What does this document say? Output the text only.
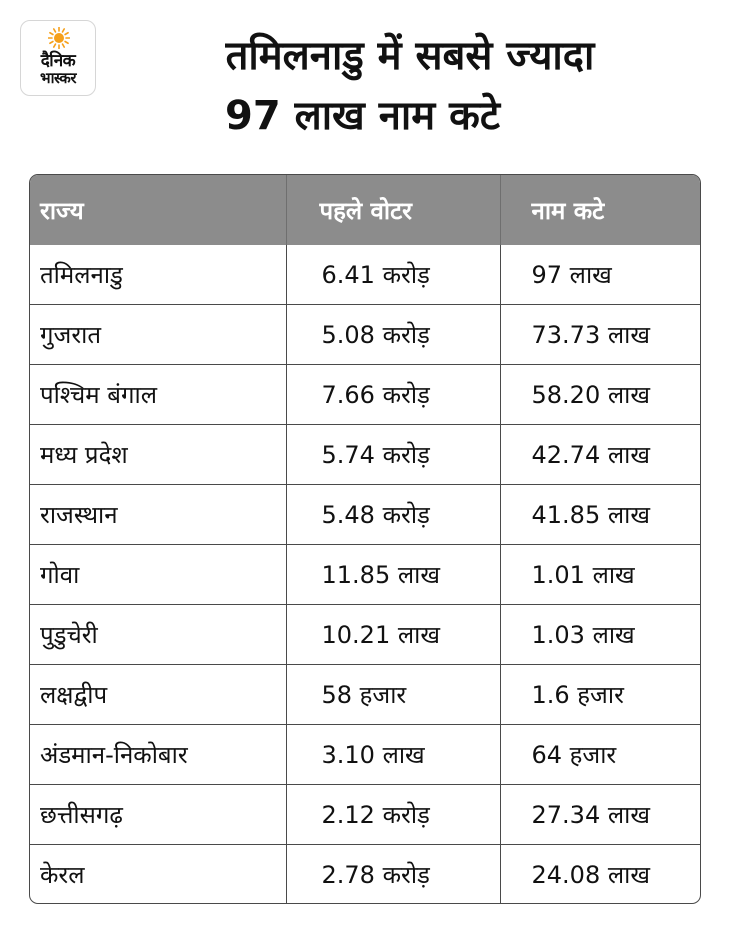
दैनिक
भास्कर	तमिलनाडु में सबसे ज्यादा
97 लाख नाम कटे
राज्य	पहले वोटर	नाम कटे
तमिलनाडु	6.41 करोड़	97 लाख
गुजरात	5.08 करोड़	73.73 लाख
पश्चिम बंगाल	7.66 करोड़	58.20 लाख
मध्य प्रदेश	5.74 करोड़	42.74 लाख
राजस्थान	5.48 करोड़	41.85 लाख
गोवा	11.85 लाख	1.01 लाख
पुडुचेरी	10.21 लाख	1.03 लाख
लक्षद्वीप	58 हजार	1.6 हजार
अंडमान-निकोबार	3.10 लाख	64 हजार
छत्तीसगढ़	2.12 करोड़	27.34 लाख
केरल	2.78 करोड़	24.08 लाख
